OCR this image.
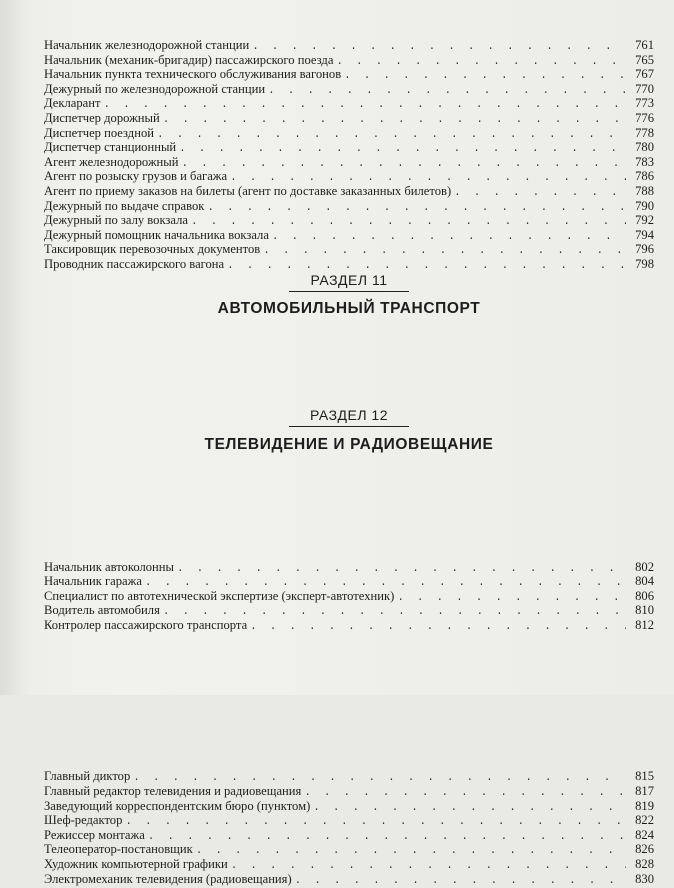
Начальник железнодорожной станции . . .	761
Начальник (механик-бригадир) пассажирского поезда . . .	765
Начальник пункта технического обслуживания вагонов . . .	767
Дежурный по железнодорожной станции . . .	770
Декларант . . .	773
Диспетчер дорожный . . .	776
Диспетчер поездной . . .	778
Диспетчер станционный . . .	780
Агент железнодорожный . . .	783
Агент по розыску грузов и багажа . . .	786
Агент по приему заказов на билеты (агент по доставке заказанных билетов) . . .	788
Дежурный по выдаче справок . . .	790
Дежурный по залу вокзала . . .	792
Дежурный помощник начальника вокзала . . .	794
Таксировщик перевозочных документов . . .	796
Проводник пассажирского вагона . . .	798
РАЗДЕЛ 11
АВТОМОБИЛЬНЫЙ ТРАНСПОРТ
Начальник автоколонны . . .	802
Начальник гаража . . .	804
Специалист по автотехнической экспертизе (эксперт-автотехник) . . .	806
Водитель автомобиля . . .	810
Контролер пассажирского транспорта . . .	812
РАЗДЕЛ 12
ТЕЛЕВИДЕНИЕ И РАДИОВЕЩАНИЕ
Главный диктор . . .	815
Главный редактор телевидения и радиовещания . . .	817
Заведующий корреспондентским бюро (пунктом) . . .	819
Шеф-редактор . . .	822
Режиссер монтажа . . .	824
Телеоператор-постановщик . . .	826
Художник компьютерной графики . . .	828
Электромеханик телевидения (радиовещания) . . .	830
